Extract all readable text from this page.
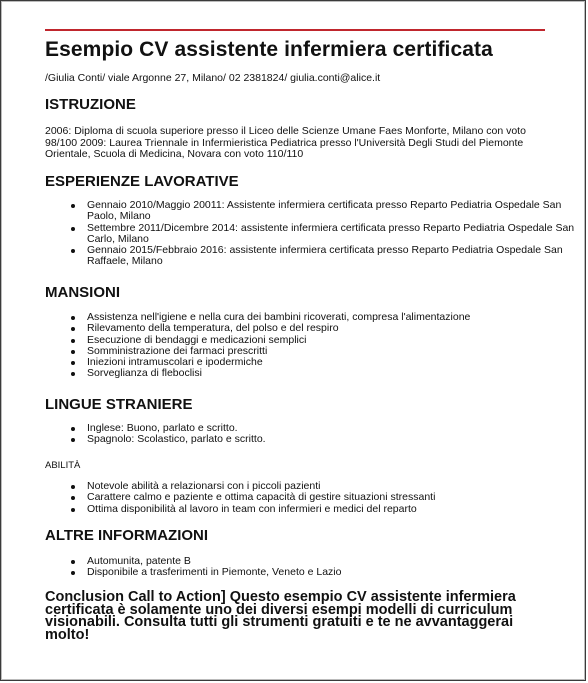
Esempio CV assistente infermiera certificata
/Giulia Conti/ viale Argonne 27, Milano/ 02 2381824/ giulia.conti@alice.it
ISTRUZIONE
2006: Diploma di scuola superiore presso il Liceo delle Scienze Umane Faes Monforte, Milano con voto 98/100 2009: Laurea Triennale in Infermieristica Pediatrica presso l'Università Degli Studi del Piemonte Orientale, Scuola di Medicina, Novara con voto 110/110
ESPERIENZE LAVORATIVE
Gennaio 2010/Maggio 20011: Assistente infermiera certificata presso Reparto Pediatria Ospedale San Paolo, Milano
Settembre 2011/Dicembre 2014: assistente infermiera certificata presso Reparto Pediatria Ospedale San Carlo, Milano
Gennaio 2015/Febbraio 2016: assistente infermiera certificata presso Reparto Pediatria Ospedale San Raffaele, Milano
MANSIONI
Assistenza nell'igiene e nella cura dei bambini ricoverati, compresa l'alimentazione
Rilevamento della temperatura, del polso e del respiro
Esecuzione di bendaggi e medicazioni semplici
Somministrazione dei farmaci prescritti
Iniezioni intramuscolari e ipodermiche
Sorveglianza di fleboclisi
LINGUE STRANIERE
Inglese: Buono, parlato e scritto.
Spagnolo: Scolastico, parlato e scritto.
ABILITÀ
Notevole abilità a relazionarsi con i piccoli pazienti
Carattere calmo e paziente e ottima capacità di gestire situazioni stressanti
Ottima disponibilità al lavoro in team con infermieri e medici del reparto
ALTRE INFORMAZIONI
Automunita, patente B
Disponibile a trasferimenti in Piemonte, Veneto e Lazio
Conclusion Call to Action] Questo esempio CV assistente infermiera certificata è solamente uno dei diversi esempi modelli di curriculum visionabili. Consulta tutti gli strumenti gratuiti e te ne avvantaggerai molto!
